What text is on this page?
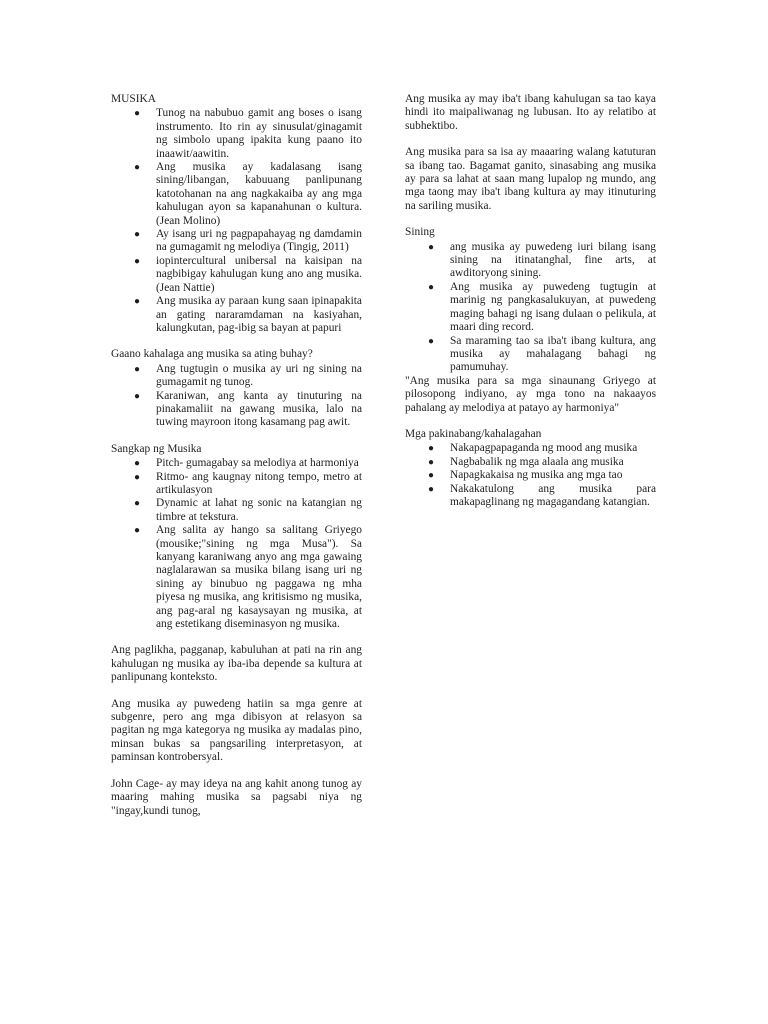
MUSIKA
● Tunog na nabubuo gamit ang boses o isang instrumento. Ito rin ay sinusulat/ginagamit ng simbolo upang ipakita kung paano ito inaawit/aawitin.
● Ang musika ay kadalasang isang sining/libangan, kabuuang panlipunang katotohanan na ang nagkakaiba ay ang mga kahulugan ayon sa kapanahunan o kultura. (Jean Molino)
● Ay isang uri ng pagpapahayag ng damdamin na gumagamit ng melodiya (Tingig, 2011)
● iopintercultural unibersal na kaisipan na nagbibigay kahulugan kung ano ang musika. (Jean Nattie)
● Ang musika ay paraan kung saan ipinapakita an gating nararamdaman na kasiyahan, kalungkutan, pag-ibig sa bayan at papuri
Gaano kahalaga ang musika sa ating buhay?
● Ang tugtugin o musika ay uri ng sining na gumagamit ng tunog.
● Karaniwan, ang kanta ay tinuturing na pinakamaliit na gawang musika, lalo na tuwing mayroon itong kasamang pag awit.
Sangkap ng Musika
● Pitch- gumagabay sa melodiya at harmoniya
● Ritmo- ang kaugnay nitong tempo, metro at artikulasyon
● Dynamic at lahat ng sonic na katangian ng timbre at tekstura.
● Ang salita ay hango sa salitang Griyego (mousike;"sining ng mga Musa"). Sa kanyang karaniwang anyo ang mga gawaing naglalarawan sa musika bilang isang uri ng sining ay binubuo ng paggawa ng mha piyesa ng musika, ang kritisismo ng musika, ang pag-aral ng kasaysayan ng musika, at ang estetikang diseminasyon ng musika.

Ang paglikha, pagganap, kabuluhan at pati na rin ang kahulugan ng musika ay iba-iba depende sa kultura at panlipunang konteksto.

Ang musika ay puwedeng hatiin sa mga genre at subgenre, pero ang mga dibisyon at relasyon sa pagitan ng mga kategorya ng musika ay madalas pino, minsan bukas sa pangsariling interpretasyon, at paminsan kontrobersyal.

John Cage- ay may ideya na ang kahit anong tunog ay maaring mahing musika sa pagsabi niya ng "ingay,kundi tunog,

Ang musika ay may iba't ibang kahulugan sa tao kaya hindi ito maipaliwanag ng lubusan. Ito ay relatibo at subhektibo.

Ang musika para sa isa ay maaaring walang katuturan sa ibang tao. Bagamat ganito, sinasabing ang musika ay para sa lahat at saan mang lupalop ng mundo, ang mga taong may iba't ibang kultura ay may itinuturing na sariling musika.

Sining
● ang musika ay puwedeng iuri bilang isang sining na itinatanghal, fine arts, at awditoryong sining.
● Ang musika ay puwedeng tugtugin at marinig ng pangkasalukuyan, at puwedeng maging bahagi ng isang dulaan o pelikula, at maari ding record.
● Sa maraming tao sa iba't ibang kultura, ang musika ay mahalagang bahagi ng pamumuhay.

"Ang musika para sa mga sinaunang Griyego at pilosopong indiyano, ay mga tono na nakaayos pahalang ay melodiya at patayo ay harmoniya"

Mga pakinabang/kahalagahan
● Nakapagpapaganda ng mood ang musika
● Nagbabalik ng mga alaala ang musika
● Napagkakaisa ng musika ang mga tao
● Nakakatulong ang musika para makapaglinang ng magagandang katangian.
